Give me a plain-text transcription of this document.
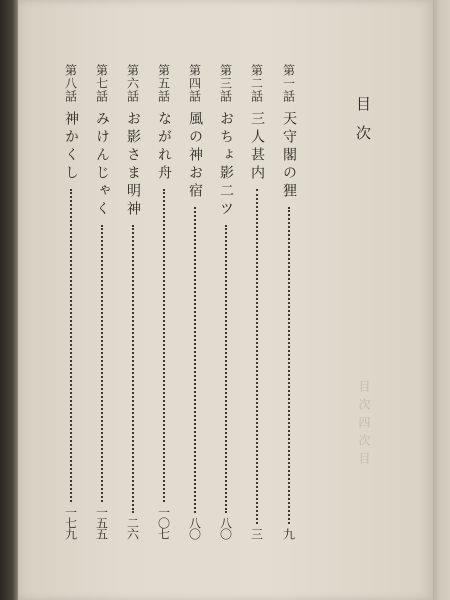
目次
第一話
天守閣の狸
九
第二話
三人甚内
三
第三話
おちょ影二ツ
八〇
第四話
風の神お宿
八〇
第五話
ながれ舟
一〇七
第六話
お影さま明神
二六
第七話
みけんじゃく
一五五
第八話
神かくし
一七九
目次四次目
